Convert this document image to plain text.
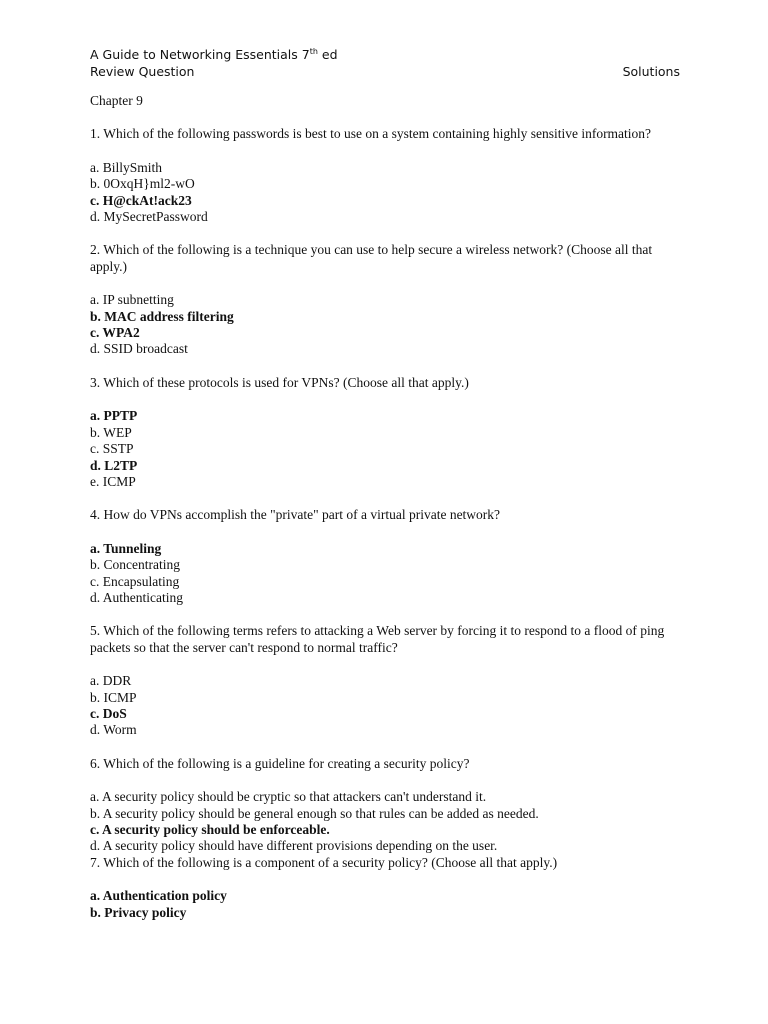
A Guide to Networking Essentials 7th ed
Review Question	Solutions
Chapter 9
1. Which of the following passwords is best to use on a system containing highly sensitive information?
a. BillySmith
b. 0OxqH}ml2-wO
c. H@ckAt!ack23
d. MySecretPassword
2. Which of the following is a technique you can use to help secure a wireless network? (Choose all that apply.)
a. IP subnetting
b. MAC address filtering
c. WPA2
d. SSID broadcast
3. Which of these protocols is used for VPNs? (Choose all that apply.)
a. PPTP
b. WEP
c. SSTP
d. L2TP
e. ICMP
4. How do VPNs accomplish the "private" part of a virtual private network?
a. Tunneling
b. Concentrating
c. Encapsulating
d. Authenticating
5. Which of the following terms refers to attacking a Web server by forcing it to respond to a flood of ping packets so that the server can't respond to normal traffic?
a. DDR
b. ICMP
c. DoS
d. Worm
6. Which of the following is a guideline for creating a security policy?
a. A security policy should be cryptic so that attackers can't understand it.
b. A security policy should be general enough so that rules can be added as needed.
c. A security policy should be enforceable.
d. A security policy should have different provisions depending on the user.
7. Which of the following is a component of a security policy? (Choose all that apply.)
a. Authentication policy
b. Privacy policy
